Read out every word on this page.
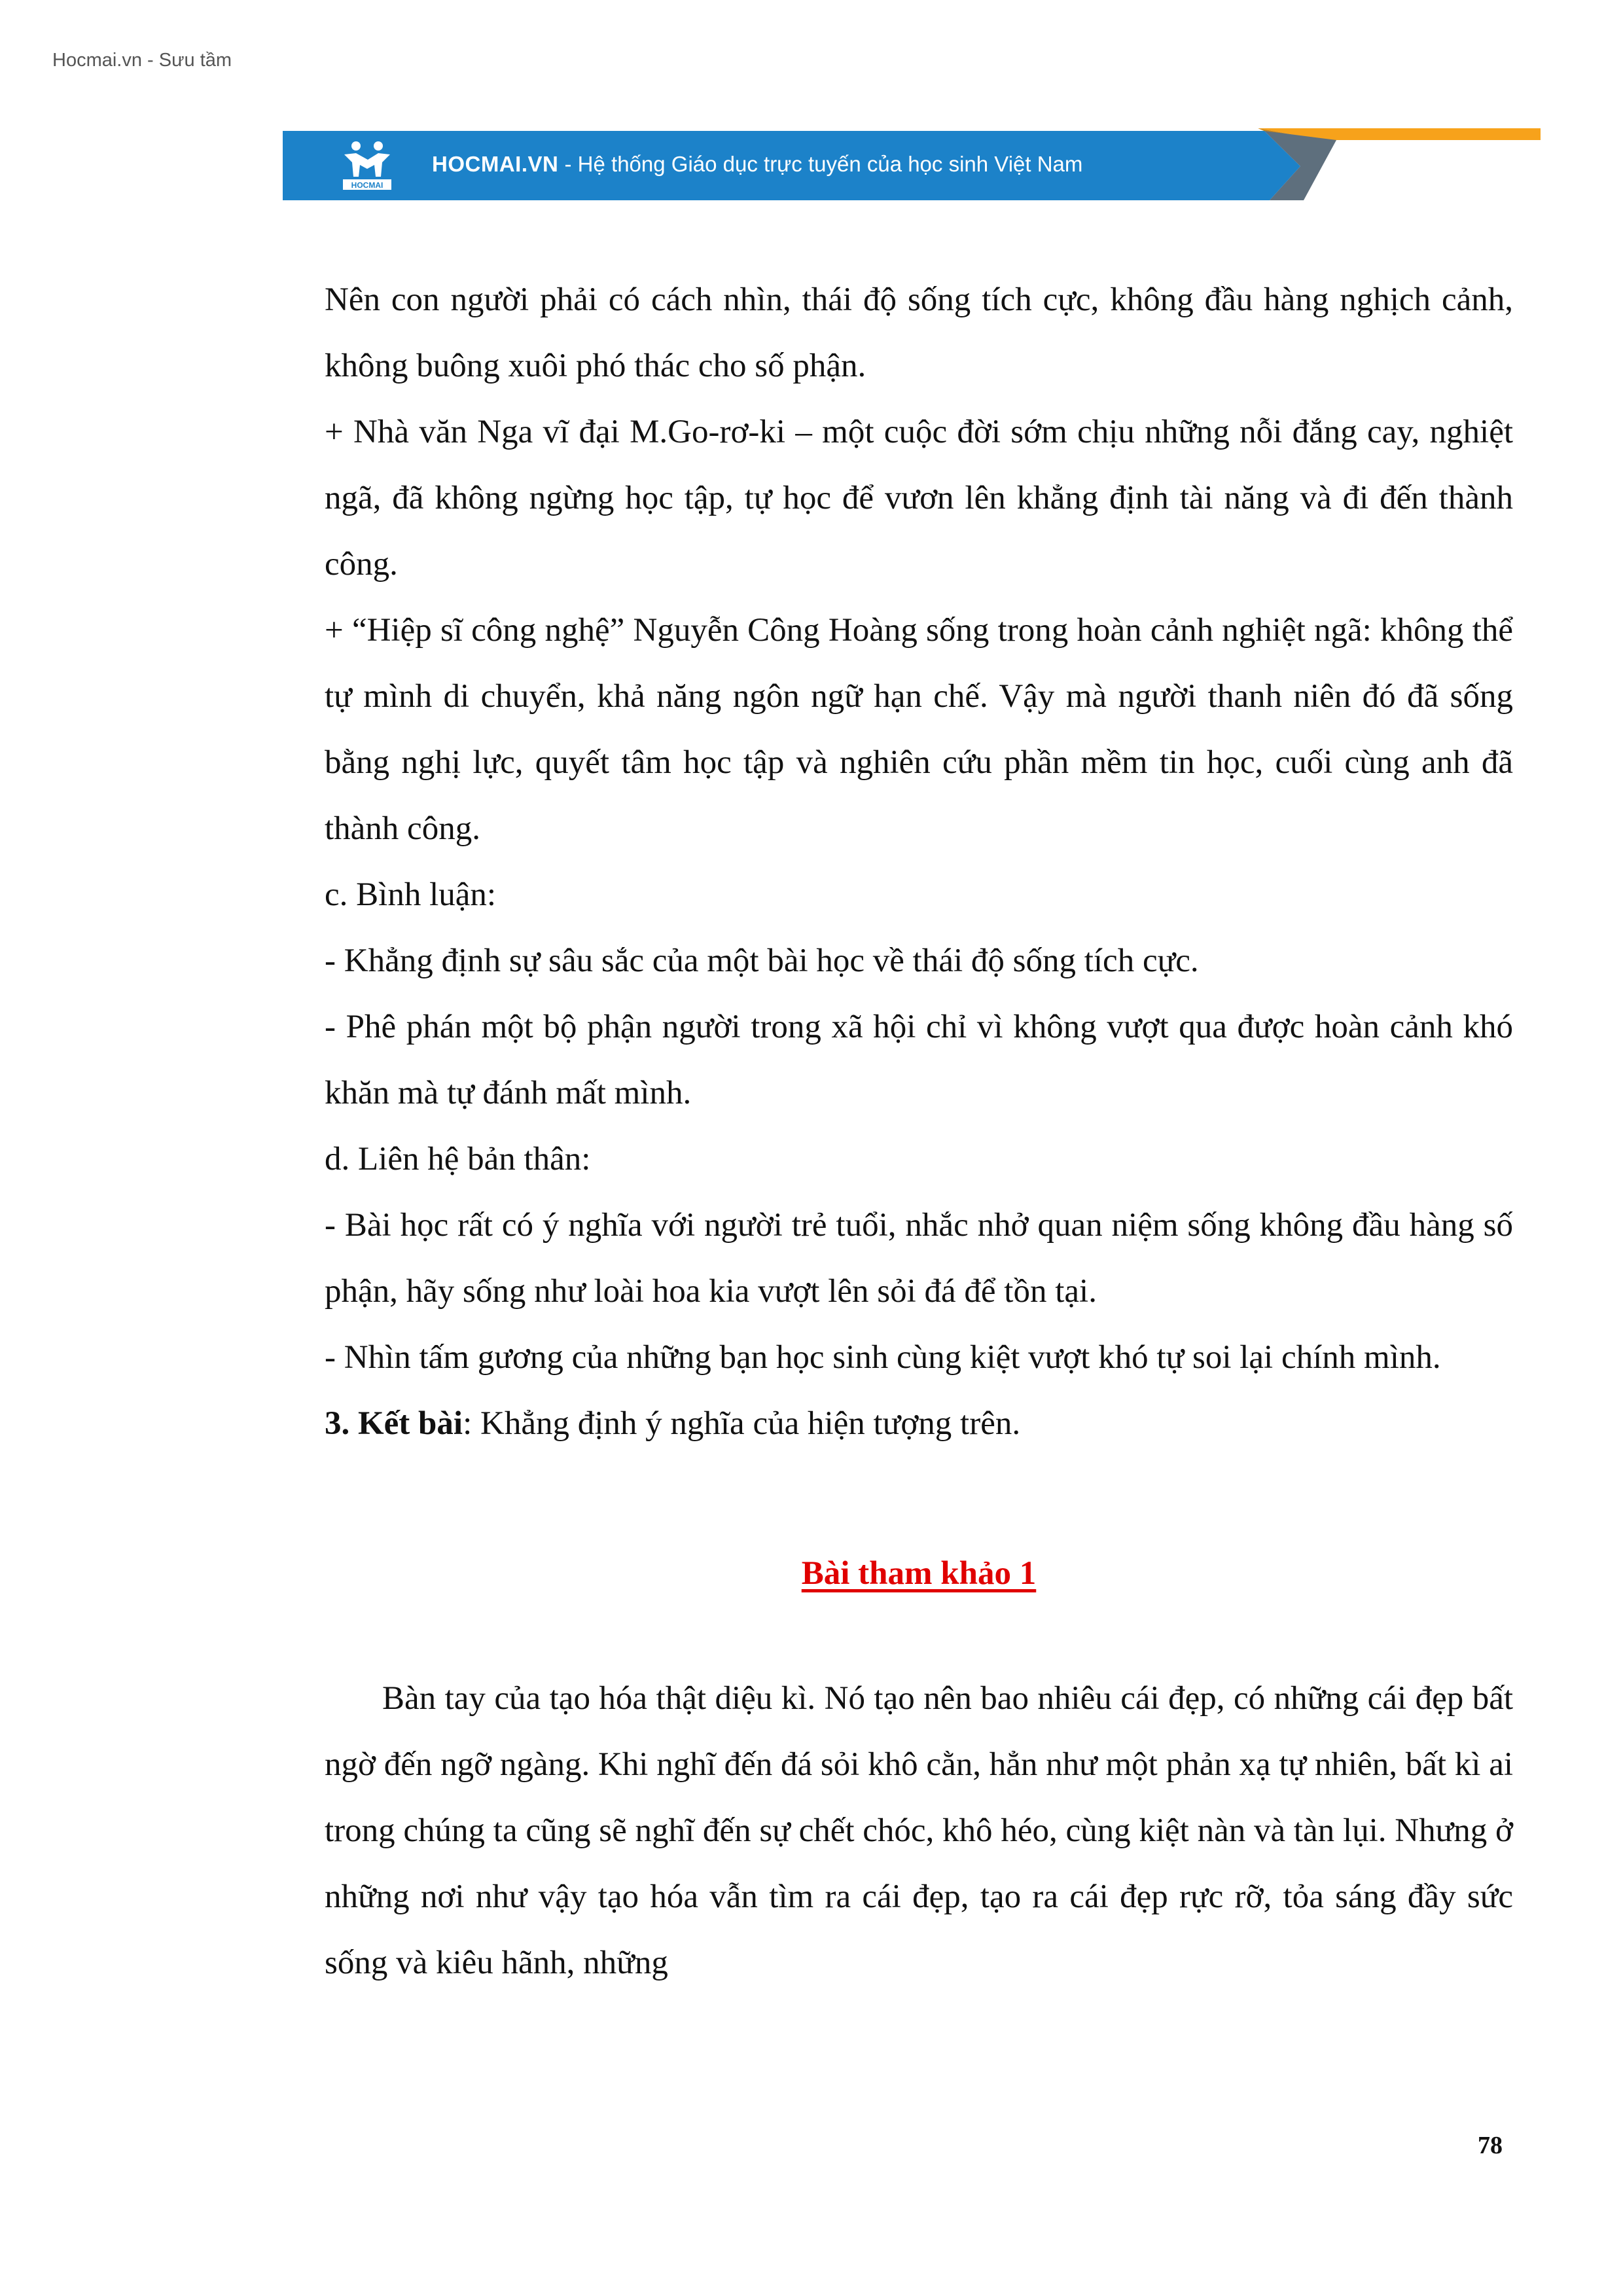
Hocmai.vn - Sưu tầm
HOCMAI
HOCMAI.VN - Hệ thống Giáo dục trực tuyến của học sinh Việt Nam

Nên con người phải có cách nhìn, thái độ sống tích cực, không đầu hàng nghịch cảnh, không buông xuôi phó thác cho số phận.

+ Nhà văn Nga vĩ đại M.Go-rơ-ki – một cuộc đời sớm chịu những nỗi đắng cay, nghiệt ngã, đã không ngừng học tập, tự học để vươn lên khẳng định tài năng và đi đến thành công.

+ “Hiệp sĩ công nghệ” Nguyễn Công Hoàng sống trong hoàn cảnh nghiệt ngã: không thể tự mình di chuyển, khả năng ngôn ngữ hạn chế. Vậy mà người thanh niên đó đã sống bằng nghị lực, quyết tâm học tập và nghiên cứu phần mềm tin học, cuối cùng anh đã thành công.

c. Bình luận:

- Khẳng định sự sâu sắc của một bài học về thái độ sống tích cực.

- Phê phán một bộ phận người trong xã hội chỉ vì không vượt qua được hoàn cảnh khó khăn mà tự đánh mất mình.

d. Liên hệ bản thân:

- Bài học rất có ý nghĩa với người trẻ tuổi, nhắc nhở quan niệm sống không đầu hàng số phận, hãy sống như loài hoa kia vượt lên sỏi đá để tồn tại.

- Nhìn tấm gương của những bạn học sinh cùng kiệt vượt khó tự soi lại chính mình.

3. Kết bài: Khẳng định ý nghĩa của hiện tượng trên.

Bài tham khảo 1

Bàn tay của tạo hóa thật diệu kì. Nó tạo nên bao nhiêu cái đẹp, có những cái đẹp bất ngờ đến ngỡ ngàng. Khi nghĩ đến đá sỏi khô cằn, hẳn như một phản xạ tự nhiên, bất kì ai trong chúng ta cũng sẽ nghĩ đến sự chết chóc, khô héo, cùng kiệt nàn và tàn lụi. Nhưng ở những nơi như vậy tạo hóa vẫn tìm ra cái đẹp, tạo ra cái đẹp rực rỡ, tỏa sáng đầy sức sống và kiêu hãnh, những

78
